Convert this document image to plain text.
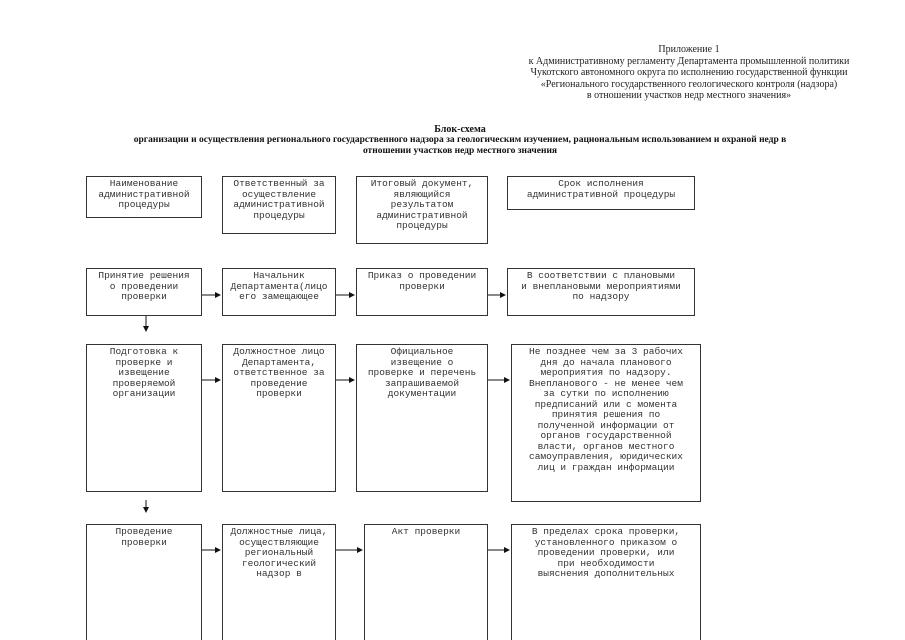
Приложение 1
к Административному регламенту Департамента промышленной политики
Чукотского автономного округа по исполнению государственной функции
«Регионального государственного геологического контроля (надзора)
в отношении участков недр местного значения»
Блок-схема
организации и осуществления регионального государственного надзора за геологическим изучением, рациональным использованием и охраной недр в
отношении участков недр местного значения
Наименование
административной
процедуры
Ответственный за
осуществление
административной
процедуры
Итоговый документ,
являющийся
результатом
административной
процедуры
Срок исполнения
административной процедуры
Принятие решения
о проведении
проверки
Начальник
Департамента(лицо
его замещающее
Приказ о проведении
проверки
В соответствии с плановыми
и внеплановыми мероприятиями
по надзору
Подготовка к
проверке и
извещение
проверяемой
организации
Должностное лицо
Департамента,
ответственное за
проведение
проверки
Официальное
извещение о
проверке и перечень
запрашиваемой
документации
Не позднее чем за 3 рабочих
дня до начала планового
мероприятия по надзору.
Внепланового - не менее чем
за сутки по исполнению
предписаний или с момента
принятия решения по
полученной информации от
органов государственной
власти, органов местного
самоуправления, юридических
лиц и граждан информации
Проведение
проверки
Должностные лица,
осуществляющие
региональный
геологический
надзор в
Акт проверки	В пределах срока проверки,
установленного приказом о
проведении проверки, или
при необходимости
выяснения дополнительных
